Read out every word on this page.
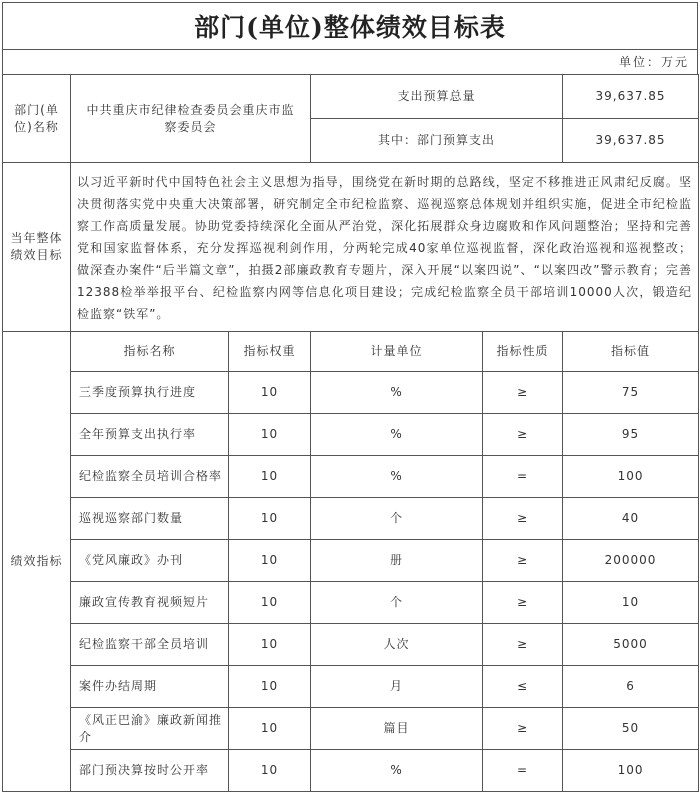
部门(单位)整体绩效目标表
单位：万元
部门(单位)名称	中共重庆市纪律检查委员会重庆市监察委员会		支出预算总量		39,637.85
			其中：部门预算支出		39,637.85
当年整体绩效目标	以习近平新时代中国特色社会主义思想为指导，围绕党在新时期的总路线，坚定不移推进正风肃纪反腐。坚决贯彻落实党中央重大决策部署，研究制定全市纪检监察、巡视巡察总体规划并组织实施，促进全市纪检监察工作高质量发展。协助党委持续深化全面从严治党，深化拓展群众身边腐败和作风问题整治；坚持和完善党和国家监督体系，充分发挥巡视利剑作用，分两轮完成40家单位巡视监督，深化政治巡视和巡视整改；做深查办案件“后半篇文章”，拍摄2部廉政教育专题片，深入开展“以案四说”、“以案四改”警示教育；完善12388检举举报平台、纪检监察内网等信息化项目建设；完成纪检监察全员干部培训10000人次，锻造纪检监察“铁军”。				
绩效指标	指标名称	指标权重	计量单位	指标性质	指标值
	三季度预算执行进度	10	%	≥	75
	全年预算支出执行率	10	%	≥	95
	纪检监察全员培训合格率	10	%	=	100
	巡视巡察部门数量	10	个	≥	40
	《党风廉政》办刊	10	册	≥	200000
	廉政宣传教育视频短片	10	个	≥	10
	纪检监察干部全员培训	10	人次	≥	5000
	案件办结周期	10	月	≤	6
	《风正巴渝》廉政新闻推介	10	篇目	≥	50
	部门预决算按时公开率	10	%	=	100
